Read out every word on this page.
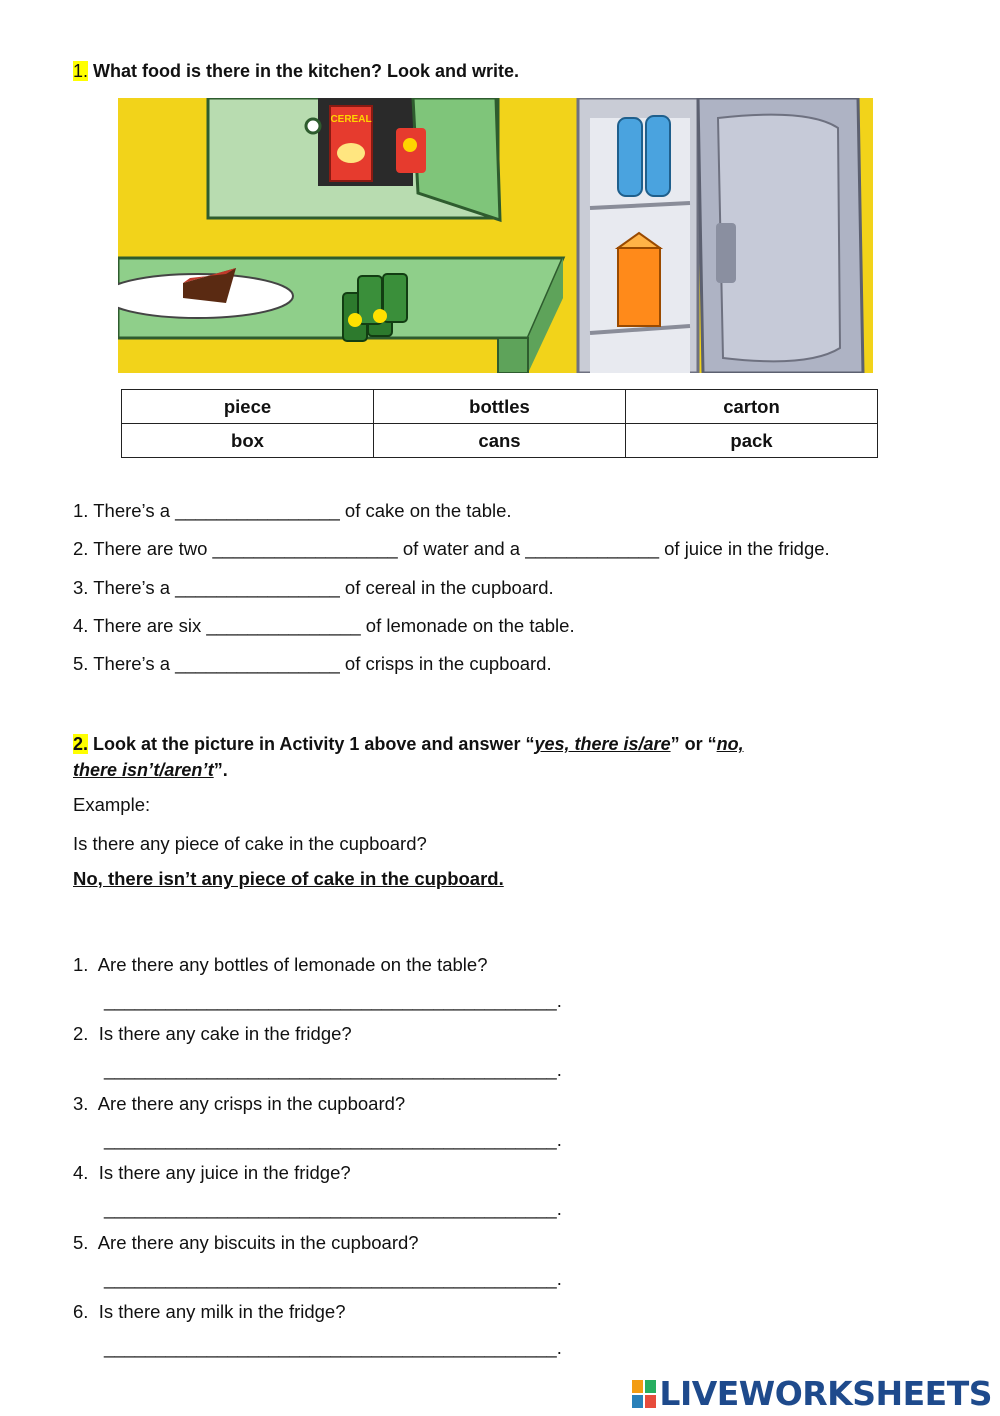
1. What food is there in the kitchen? Look and write.
CEREAL
piece	bottles	carton
box	cans	pack
1. There’s a ________________ of cake on the table.
2. There are two __________________ of water and a _____________ of juice in the fridge.
3. There’s a ________________ of cereal in the cupboard.
4. There are six _______________ of lemonade on the table.
5. There’s a ________________ of crisps in the cupboard.
2. Look at the picture in Activity 1 above and answer “yes, there is/are” or “no,
there isn’t/aren’t”.
Example:
Is there any piece of cake in the cupboard?
No, there isn’t any piece of cake in the cupboard.
1. Are there any bottles of lemonade on the table?
____________________________________________.
2. Is there any cake in the fridge?
____________________________________________.
3. Are there any crisps in the cupboard?
____________________________________________.
4. Is there any juice in the fridge?
____________________________________________.
5. Are there any biscuits in the cupboard?
____________________________________________.
6. Is there any milk in the fridge?
____________________________________________.
LIVEWORKSHEETS
